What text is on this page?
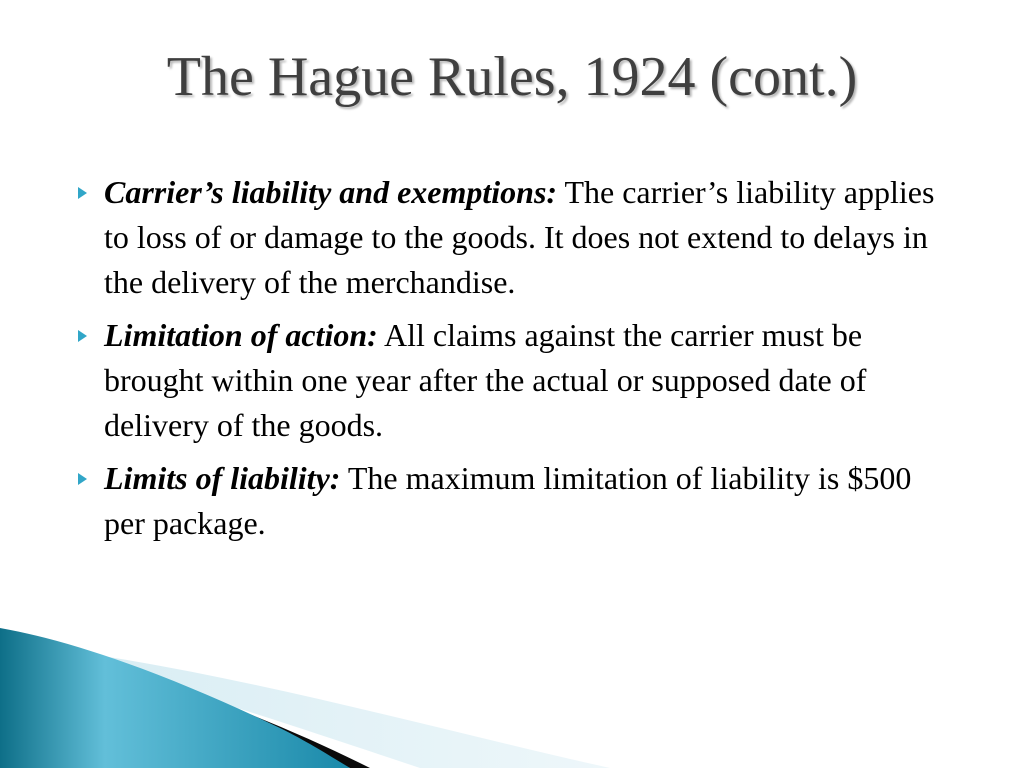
The Hague Rules, 1924 (cont.)
Carrier’s liability and exemptions: The carrier’s liability applies to loss of or damage to the goods. It does not extend to delays in the delivery of the merchandise.
Limitation of action: All claims against the carrier must be brought within one year after the actual or supposed date of delivery of the goods.
Limits of liability: The maximum limitation of liability is $500 per package.
